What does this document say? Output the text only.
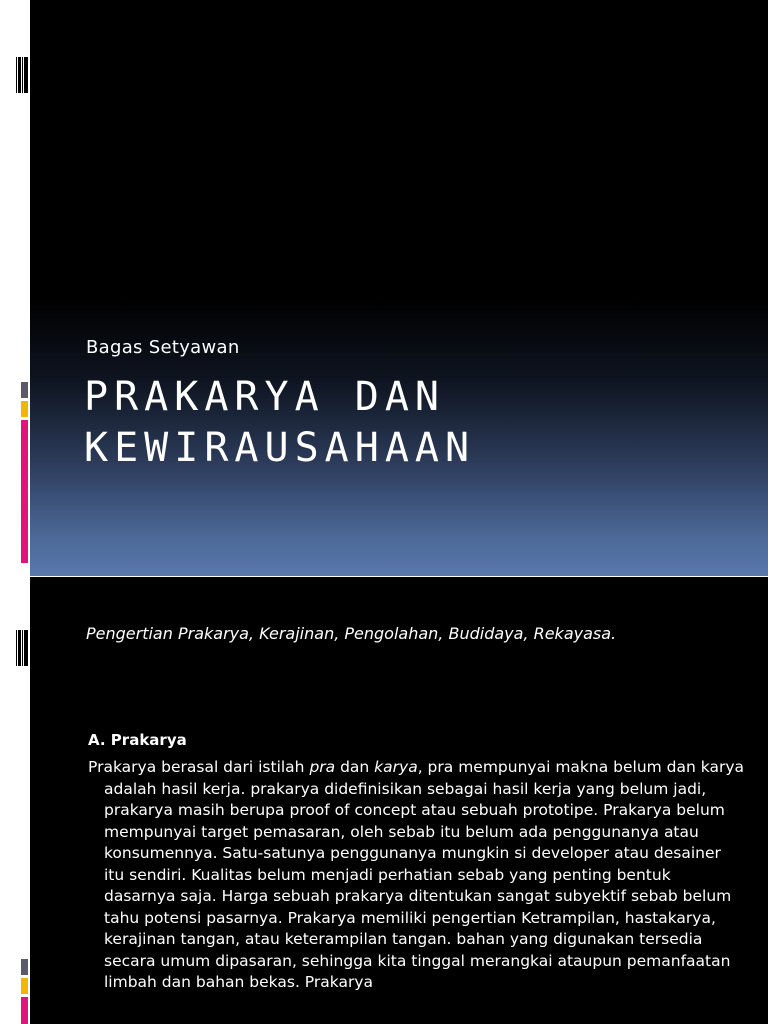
Bagas Setyawan
PRAKARYA DAN
KEWIRAUSAHAAN

Pengertian Prakarya, Kerajinan, Pengolahan, Budidaya, Rekayasa.

A. Prakarya

Prakarya berasal dari istilah pra dan karya, pra mempunyai makna belum dan karya adalah hasil kerja. prakarya didefinisikan sebagai hasil kerja yang belum jadi, prakarya masih berupa proof of concept atau sebuah prototipe. Prakarya belum mempunyai target pemasaran, oleh sebab itu belum ada penggunanya atau konsumennya. Satu-satunya penggunanya mungkin si developer atau desainer itu sendiri. Kualitas belum menjadi perhatian sebab yang penting bentuk dasarnya saja. Harga sebuah prakarya ditentukan sangat subyektif sebab belum tahu potensi pasarnya. Prakarya memiliki pengertian Ketrampilan, hastakarya, kerajinan tangan, atau keterampilan tangan. bahan yang digunakan tersedia secara umum dipasaran, sehingga kita tinggal merangkai ataupun pemanfaatan limbah dan bahan bekas. Prakarya
